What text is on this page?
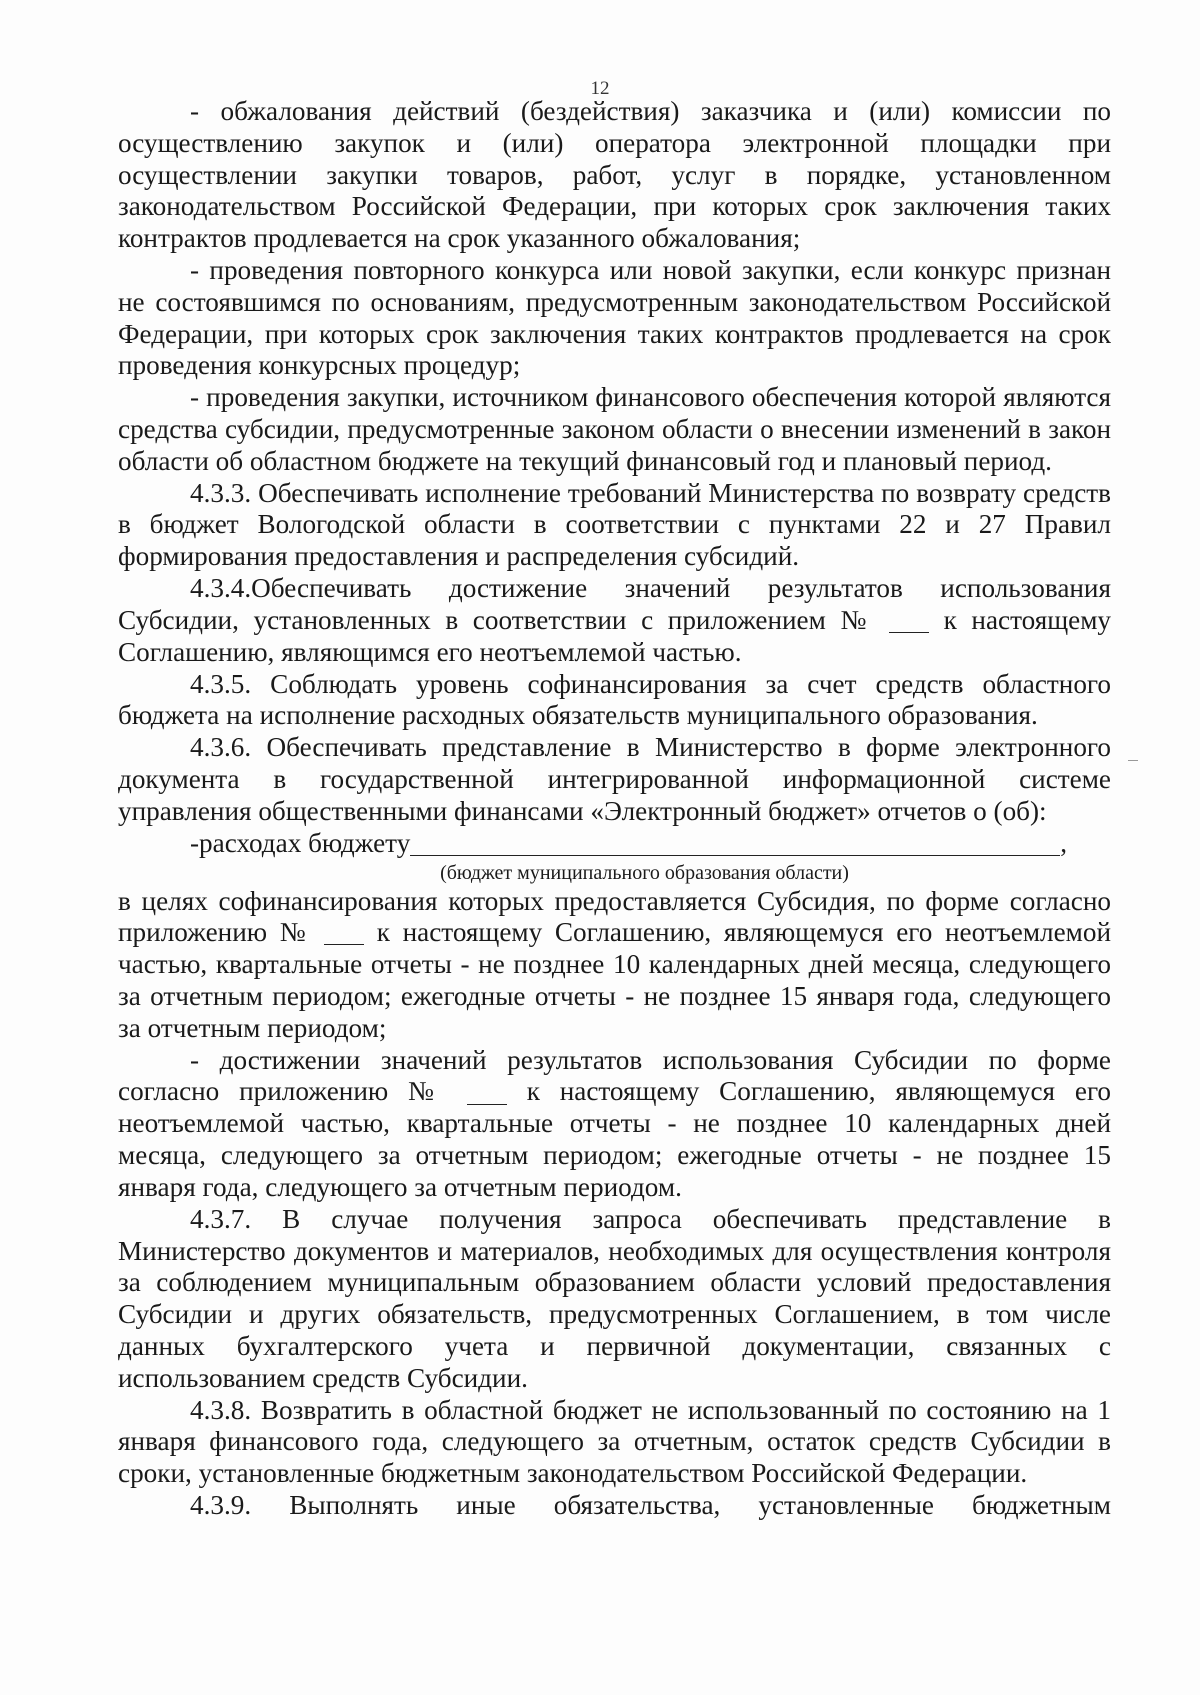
12

- обжалования действий (бездействия) заказчика и (или) комиссии по осуществлению закупок и (или) оператора электронной площадки при осуществлении закупки товаров, работ, услуг в порядке, установленном законодательством Российской Федерации, при которых срок заключения таких контрактов продлевается на срок указанного обжалования;

- проведения повторного конкурса или новой закупки, если конкурс признан не состоявшимся по основаниям, предусмотренным законодательством Российской Федерации, при которых срок заключения таких контрактов продлевается на срок проведения конкурсных процедур;

- проведения закупки, источником финансового обеспечения которой являются средства субсидии, предусмотренные законом области о внесении изменений в закон области об областном бюджете на текущий финансовый год и плановый период.

4.3.3. Обеспечивать исполнение требований Министерства по возврату средств в бюджет Вологодской области в соответствии с пунктами 22 и 27 Правил формирования предоставления и распределения субсидий.

4.3.4.Обеспечивать достижение значений результатов использования Субсидии, установленных в соответствии с приложением №	к настоящему Соглашению, являющимся его неотъемлемой частью.

4.3.5. Соблюдать уровень софинансирования за счет средств областного бюджета на исполнение расходных обязательств муниципального образования.

4.3.6. Обеспечивать представление в Министерство в форме электронного документа в государственной интегрированной информационной системе управления общественными финансами «Электронный бюджет» отчетов о (об):

-расходах бюджету	,
(бюджет муниципального образования области)

в целях софинансирования которых предоставляется Субсидия, по форме согласно приложению № к настоящему Соглашению, являющемуся его неотъемлемой частью, квартальные отчеты - не позднее 10 календарных дней месяца, следующего за отчетным периодом; ежегодные отчеты - не позднее 15 января года, следующего за отчетным периодом;

- достижении значений результатов использования Субсидии по форме согласно приложению №	к настоящему Соглашению, являющемуся его неотъемлемой частью, квартальные отчеты - не позднее 10 календарных дней месяца, следующего за отчетным периодом; ежегодные отчеты - не позднее 15 января года, следующего за отчетным периодом.

4.3.7. В случае получения запроса обеспечивать представление в Министерство документов и материалов, необходимых для осуществления контроля за соблюдением муниципальным образованием области условий предоставления Субсидии и других обязательств, предусмотренных Соглашением, в том числе данных бухгалтерского учета и первичной документации, связанных с использованием средств Субсидии.

4.3.8. Возвратить в областной бюджет не использованный по состоянию на 1 января финансового года, следующего за отчетным, остаток средств Субсидии в сроки, установленные бюджетным законодательством Российской Федерации.

4.3.9. Выполнять иные обязательства, установленные бюджетным
